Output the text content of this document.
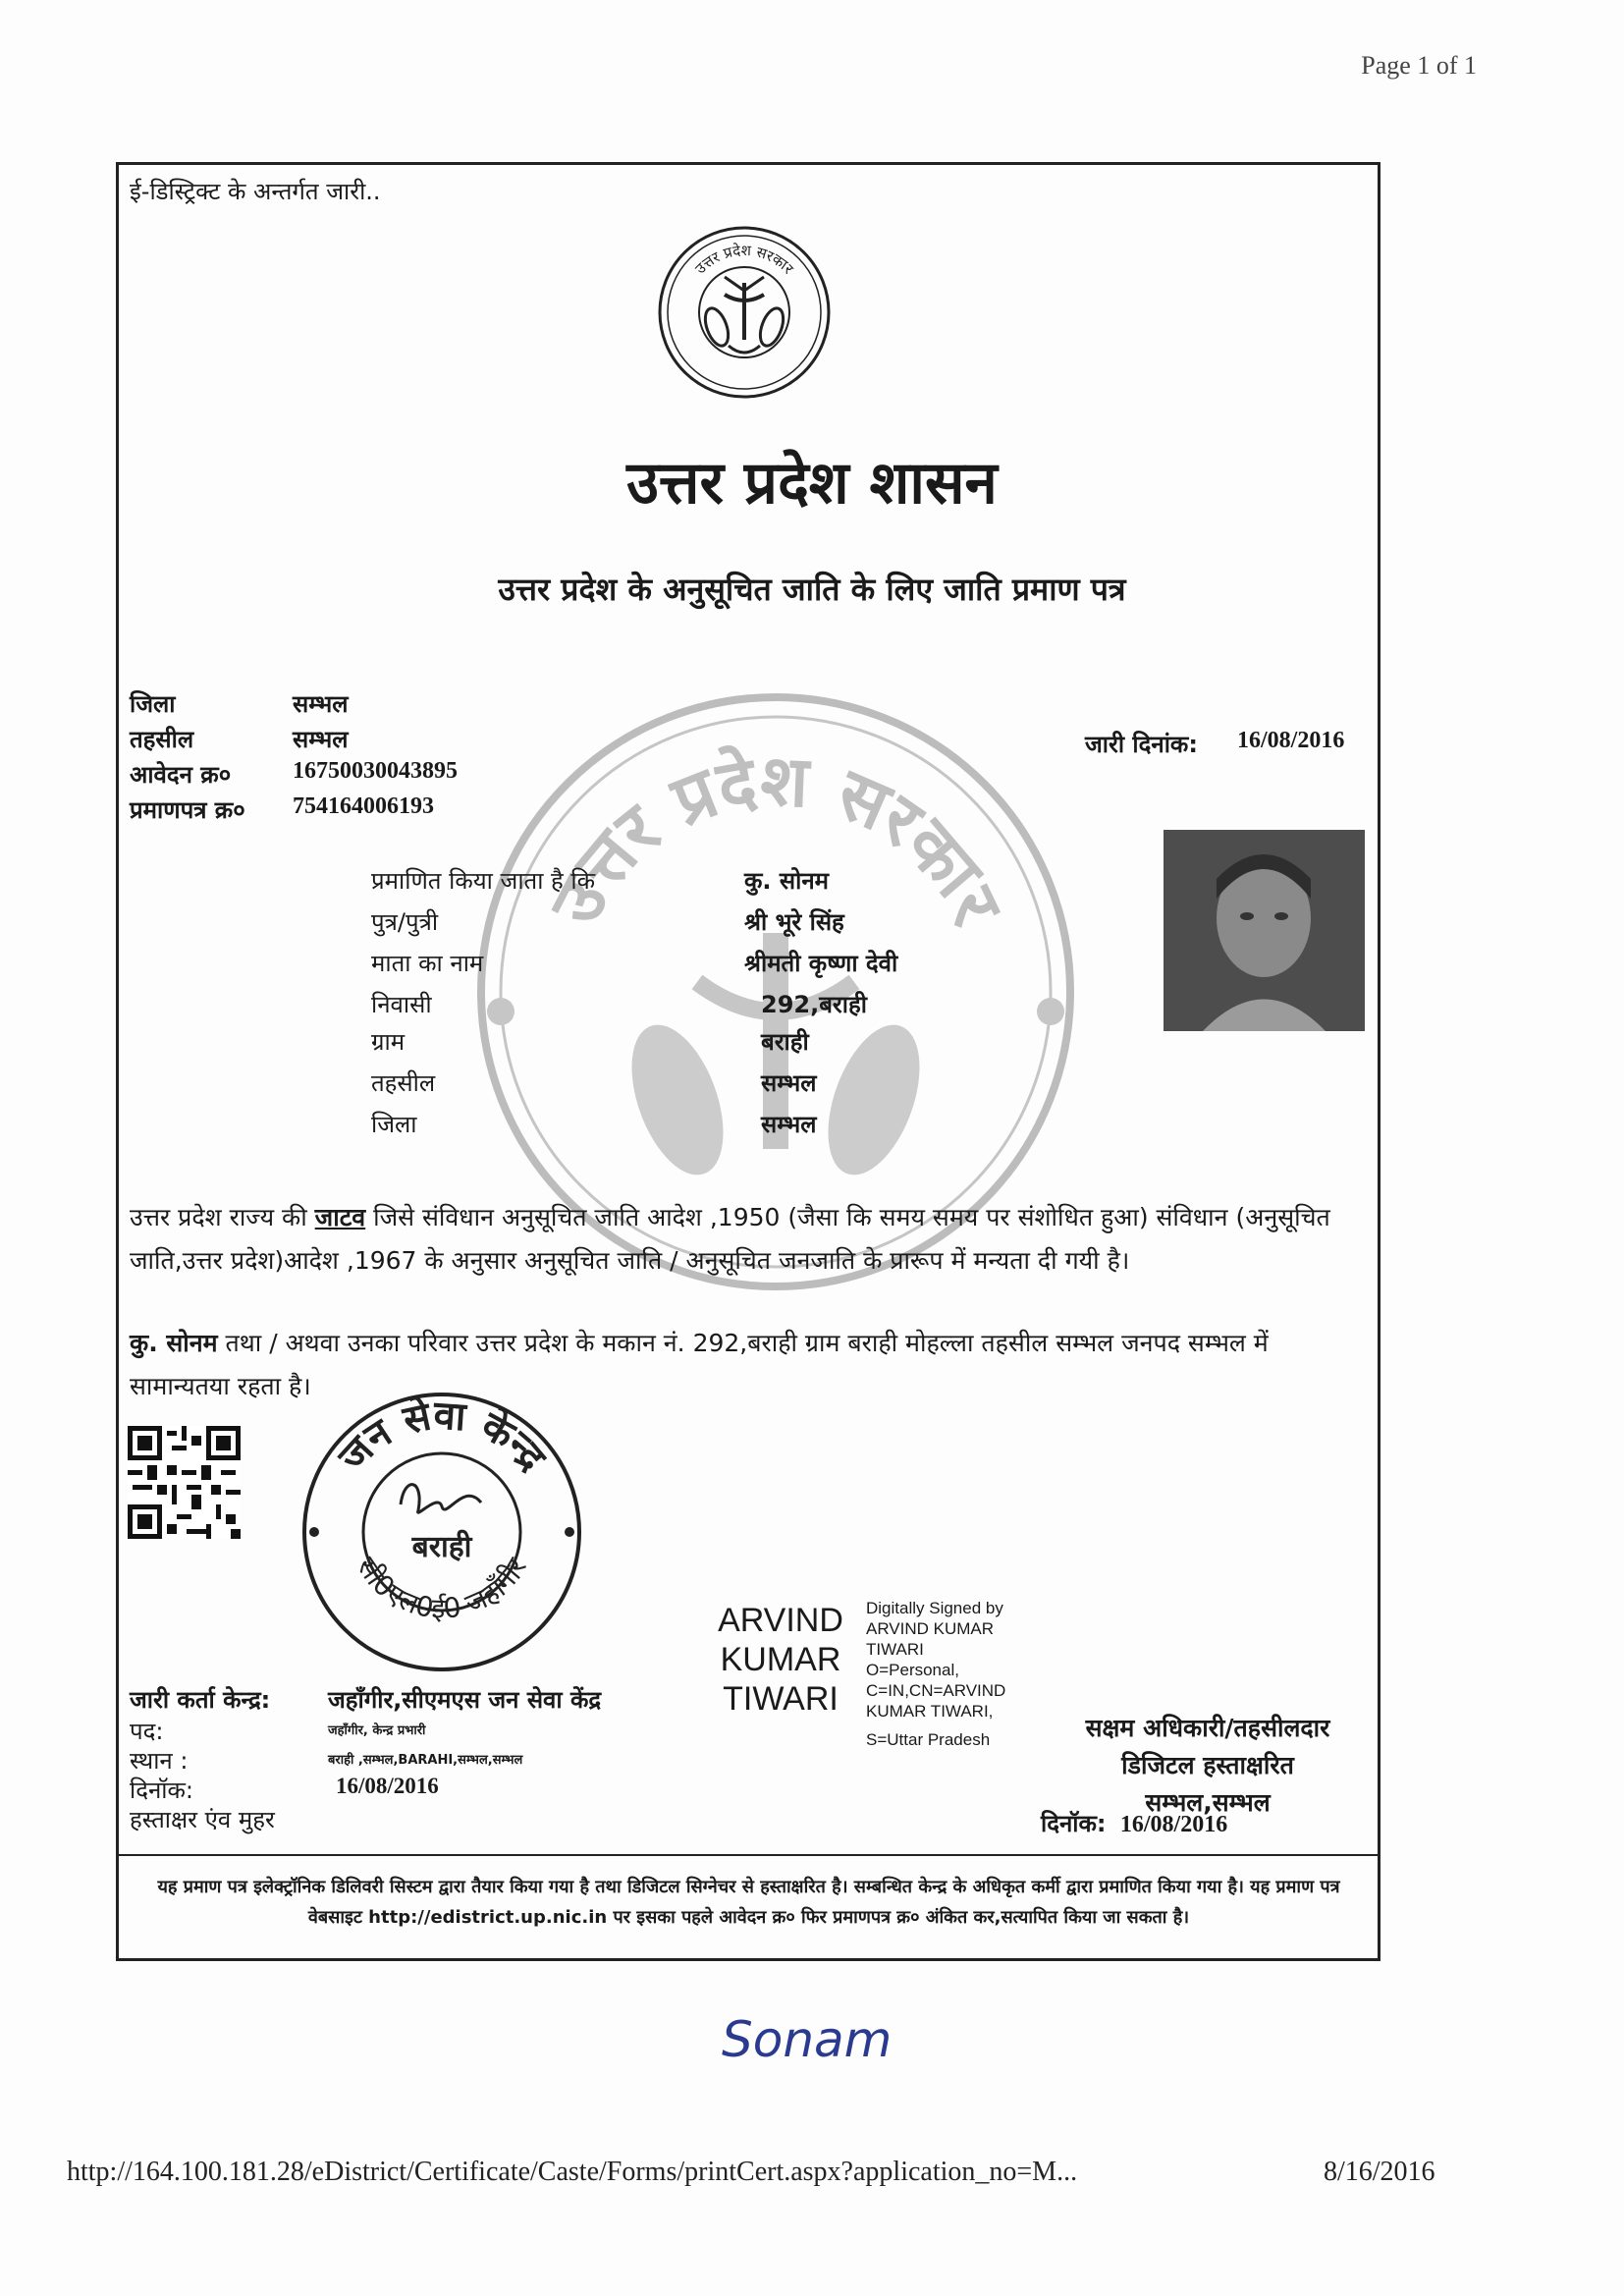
Page 1 of 1
ई-डिस्ट्रिक्ट के अन्तर्गत जारी..
उत्तर प्रदेश सरकार
उत्तर प्रदेश शासन
उत्तर प्रदेश के अनुसूचित जाति के लिए जाति प्रमाण पत्र
उत्तर प्रदेश सरकार
जिला	सम्भल
तहसील	सम्भल
आवेदन क्र०	16750030043895
प्रमाणपत्र क्र० 754164006193
जारी दिनांक: 16/08/2016
प्रमाणित किया जाता है कि	कु. सोनम
पुत्र/पुत्री	श्री भूरे सिंह
माता का नाम	श्रीमती कृष्णा देवी
निवासी	292,बराही
ग्राम	बराही
तहसील	सम्भल
जिला	सम्भल
उत्तर प्रदेश राज्य की जाटव जिसे संविधान अनुसूचित जाति आदेश ,1950 (जैसा कि समय समय पर संशोधित हुआ) संविधान (अनुसूचित जाति,उत्तर प्रदेश)आदेश ,1967 के अनुसार अनुसूचित जाति / अनुसूचित जनजाति के प्रारूप में मन्यता दी गयी है।
कु. सोनम तथा / अथवा उनका परिवार उत्तर प्रदेश के मकान नं. 292,बराही ग्राम बराही मोहल्ला तहसील सम्भल जनपद सम्भल में सामान्यतया रहता है।
जन सेवा केन्द्र
सी0एल0ई0 जहाँगीर
बराही
ARVIND
KUMAR
TIWARI
Digitally Signed by
ARVIND KUMAR
TIWARI
O=Personal,
C=IN,CN=ARVIND
KUMAR TIWARI,
S=Uttar Pradesh
जारी कर्ता केन्द्र: जहाँगीर,सीएमएस जन सेवा केंद्र
पद:	जहाँगीर, केन्द्र प्रभारी
स्थान :	बराही ,सम्भल,BARAHI,सम्भल,सम्भल
दिनॉक:	16/08/2016
हस्ताक्षर एंव मुहर
सक्षम अधिकारी/तहसीलदार
डिजिटल हस्ताक्षरित
सम्भल,सम्भल
दिनॉक: 16/08/2016
यह प्रमाण पत्र इलेक्ट्रॉनिक डिलिवरी सिस्टम द्वारा तैयार किया गया है तथा डिजिटल सिग्नेचर से हस्ताक्षरित है। सम्बन्धित केन्द्र के अधिकृत कर्मी द्वारा प्रमाणित किया गया है। यह प्रमाण पत्र वेबसाइट http://edistrict.up.nic.in पर इसका पहले आवेदन क्र० फिर प्रमाणपत्र क्र० अंकित कर,सत्यापित किया जा सकता है।
Sonam
http://164.100.181.28/eDistrict/Certificate/Caste/Forms/printCert.aspx?application_no=M...	8/16/2016
